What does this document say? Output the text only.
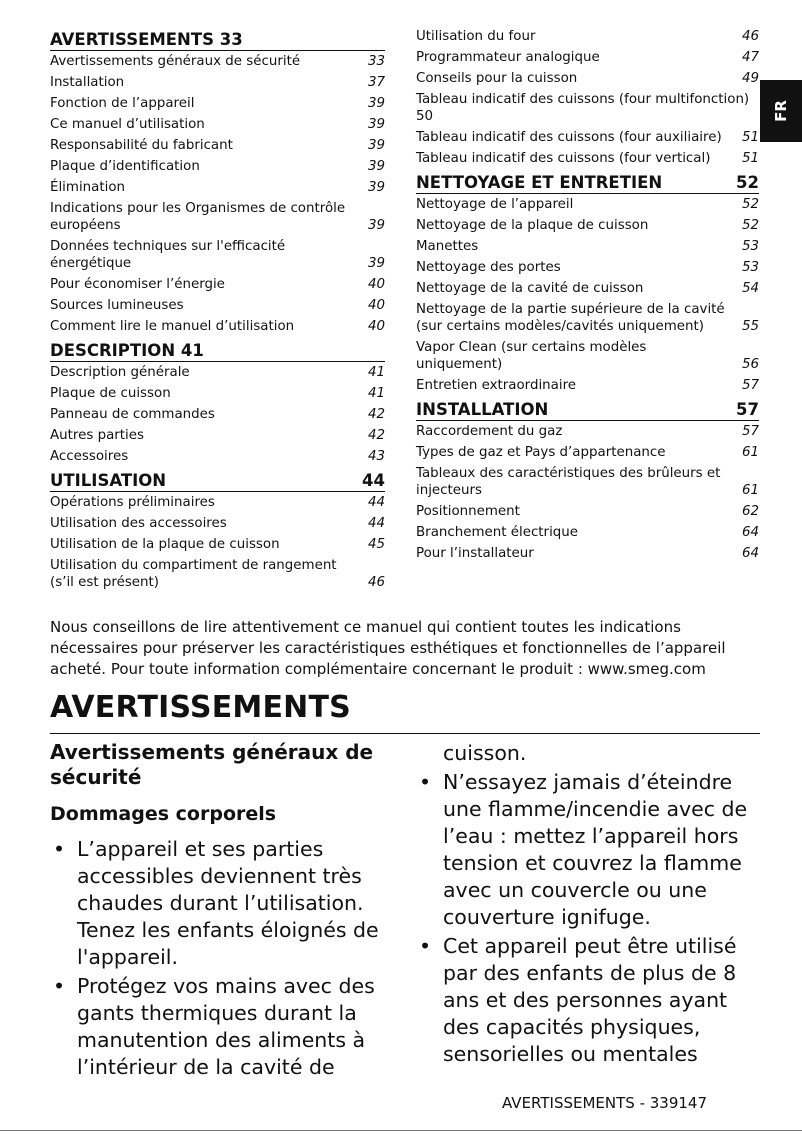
AVERTISSEMENTS 33
Avertissements généraux de sécurité	33
Installation	37
Fonction de l’appareil	39
Ce manuel d’utilisation	39
Responsabilité du fabricant	39
Plaque d’identification	39
Élimination	39
Indications pour les Organismes de contrôle européens	39
Données techniques sur l'efficacité énergétique	39
Pour économiser l’énergie	40
Sources lumineuses	40
Comment lire le manuel d’utilisation	40
DESCRIPTION 41
Description générale	41
Plaque de cuisson	41
Panneau de commandes	42
Autres parties	42
Accessoires	43
UTILISATION	44
Opérations préliminaires	44
Utilisation des accessoires	44
Utilisation de la plaque de cuisson	45
Utilisation du compartiment de rangement (s’il est présent)	46
Utilisation du four	46
Programmateur analogique	47
Conseils pour la cuisson	49
Tableau indicatif des cuissons (four multifonction) 50
Tableau indicatif des cuissons (four auxiliaire)	51
Tableau indicatif des cuissons (four vertical)	51
NETTOYAGE ET ENTRETIEN	52
Nettoyage de l’appareil	52
Nettoyage de la plaque de cuisson	52
Manettes	53
Nettoyage des portes	53
Nettoyage de la cavité de cuisson	54
Nettoyage de la partie supérieure de la cavité (sur certains modèles/cavités uniquement)	55
Vapor Clean (sur certains modèles uniquement)	56
Entretien extraordinaire	57
INSTALLATION	57
Raccordement du gaz	57
Types de gaz et Pays d’appartenance	61
Tableaux des caractéristiques des brûleurs et injecteurs	61
Positionnement	62
Branchement électrique	64
Pour l’installateur	64
FR

Nous conseillons de lire attentivement ce manuel qui contient toutes les indications nécessaires pour préserver les caractéristiques esthétiques et fonctionnelles de l’appareil acheté. Pour toute information complémentaire concernant le produit : www.smeg.com

AVERTISSEMENTS
Avertissements généraux de sécurité
Dommages corporels
• L’appareil et ses parties accessibles deviennent très chaudes durant l’utilisation. Tenez les enfants éloignés de l'appareil.
• Protégez vos mains avec des gants thermiques durant la manutention des aliments à l’intérieur de la cavité de
cuisson.
• N’essayez jamais d’éteindre une flamme/incendie avec de l’eau : mettez l’appareil hors tension et couvrez la flamme avec un couvercle ou une couverture ignifuge.
• Cet appareil peut être utilisé par des enfants de plus de 8 ans et des personnes ayant des capacités physiques, sensorielles ou mentales
AVERTISSEMENTS - 339147
